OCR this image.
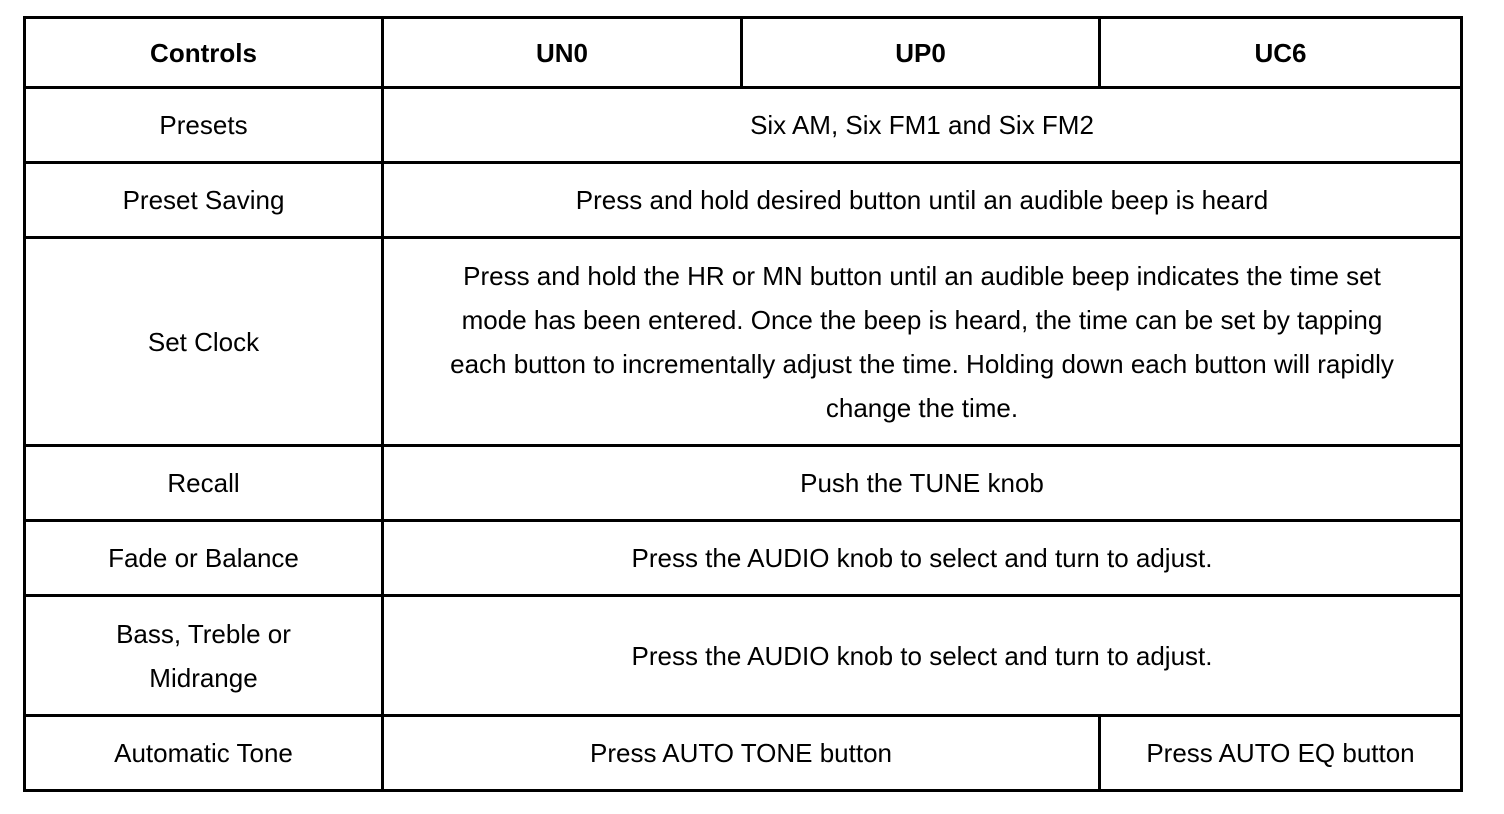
Controls	UN0	UP0	UC6
Presets	Six AM, Six FM1 and Six FM2		
Preset Saving	Press and hold desired button until an audible beep is heard		
Set Clock	Press and hold the HR or MN button until an audible beep indicates the time set mode has been entered. Once the beep is heard, the time can be set by tapping each button to incrementally adjust the time. Holding down each button will rapidly change the time.		

Recall	Push the TUNE knob		
Fade or Balance	Press the AUDIO knob to select and turn to adjust.		

Bass, Treble or Midrange	Press the AUDIO knob to select and turn to adjust.		
Automatic Tone	Press AUTO TONE button		Press AUTO EQ button
